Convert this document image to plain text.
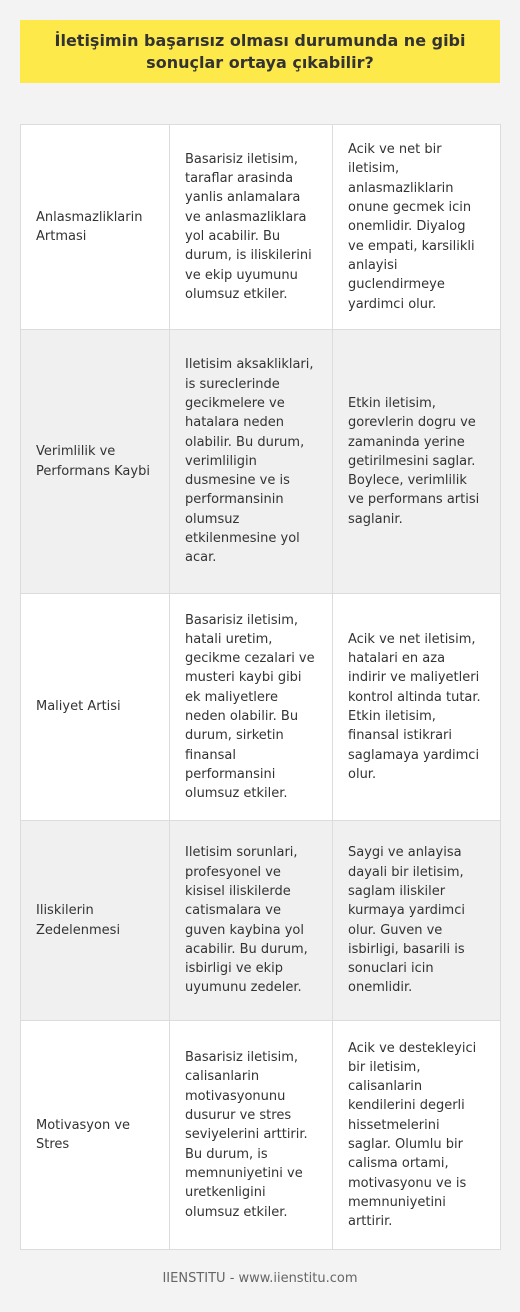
İletişimin başarısız olması durumunda ne gibi sonuçlar ortaya çıkabilir?
Anlasmazliklarin Artmasi	Basarisiz iletisim, taraflar arasinda yanlis anlamalara ve anlasmazliklara yol acabilir. Bu durum, is iliskilerini ve ekip uyumunu olumsuz etkiler.	Acik ve net bir iletisim, anlasmazliklarin onune gecmek icin onemlidir. Diyalog ve empati, karsilikli anlayisi guclendirmeye yardimci olur.
Verimlilik ve Performans Kaybi	Iletisim aksakliklari, is sureclerinde gecikmelere ve hatalara neden olabilir. Bu durum, verimliligin dusmesine ve is performansinin olumsuz etkilenmesine yol acar.	Etkin iletisim, gorevlerin dogru ve zamaninda yerine getirilmesini saglar. Boylece, verimlilik ve performans artisi saglanir.
Maliyet Artisi	Basarisiz iletisim, hatali uretim, gecikme cezalari ve musteri kaybi gibi ek maliyetlere neden olabilir. Bu durum, sirketin finansal performansini olumsuz etkiler.	Acik ve net iletisim, hatalari en aza indirir ve maliyetleri kontrol altinda tutar. Etkin iletisim, finansal istikrari saglamaya yardimci olur.
Iliskilerin Zedelenmesi	Iletisim sorunlari, profesyonel ve kisisel iliskilerde catismalara ve guven kaybina yol acabilir. Bu durum, isbirligi ve ekip uyumunu zedeler.	Saygi ve anlayisa dayali bir iletisim, saglam iliskiler kurmaya yardimci olur. Guven ve isbirligi, basarili is sonuclari icin onemlidir.
Motivasyon ve Stres	Basarisiz iletisim, calisanlarin motivasyonunu dusurur ve stres seviyelerini arttirir. Bu durum, is memnuniyetini ve uretkenligini olumsuz etkiler.	Acik ve destekleyici bir iletisim, calisanlarin kendilerini degerli hissetmelerini saglar. Olumlu bir calisma ortami, motivasyonu ve is memnuniyetini arttirir.
IIENSTITU - www.iienstitu.com
